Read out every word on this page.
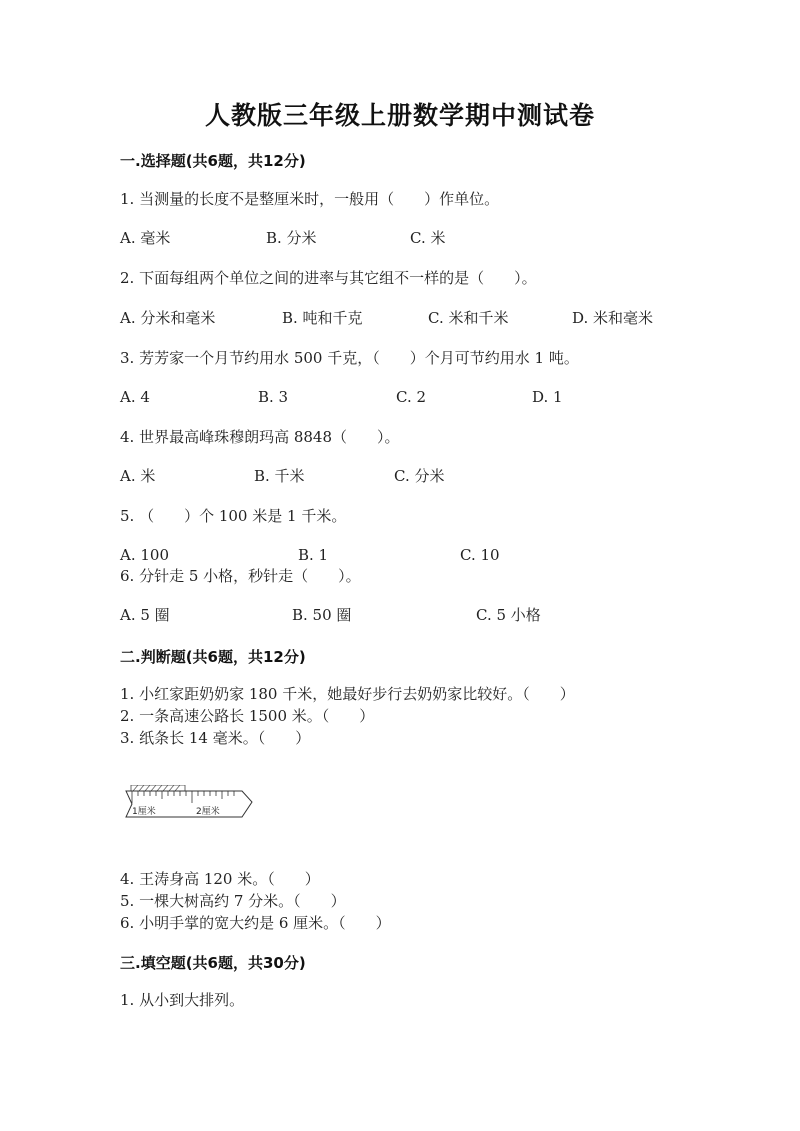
人教版三年级上册数学期中测试卷
一.选择题(共6题，共12分)
1. 当测量的长度不是整厘米时，一般用（　　）作单位。
A. 毫米	B. 分米	C. 米
2. 下面每组两个单位之间的进率与其它组不一样的是（　　）。
A. 分米和毫米	B. 吨和千克	C. 米和千米	D. 米和毫米
3. 芳芳家一个月节约用水 500 千克，（　　）个月可节约用水 1 吨。
A. 4	B. 3	C. 2	D. 1
4. 世界最高峰珠穆朗玛高 8848（　　）。
A. 米	B. 千米	C. 分米
5. （　　）个 100 米是 1 千米。
A. 100	B. 1	C. 10
6. 分针走 5 小格，秒针走（　　）。
A. 5 圈	B. 50 圈	C. 5 小格
二.判断题(共6题，共12分)
1. 小红家距奶奶家 180 千米，她最好步行去奶奶家比较好。（　　）
2. 一条高速公路长 1500 米。（　　）
3. 纸条长 14 毫米。（　　）
1厘米	2厘米
4. 王涛身高 120 米。（　　）
5. 一棵大树高约 7 分米。（　　）
6. 小明手掌的宽大约是 6 厘米。（　　）
三.填空题(共6题，共30分)
1. 从小到大排列。
